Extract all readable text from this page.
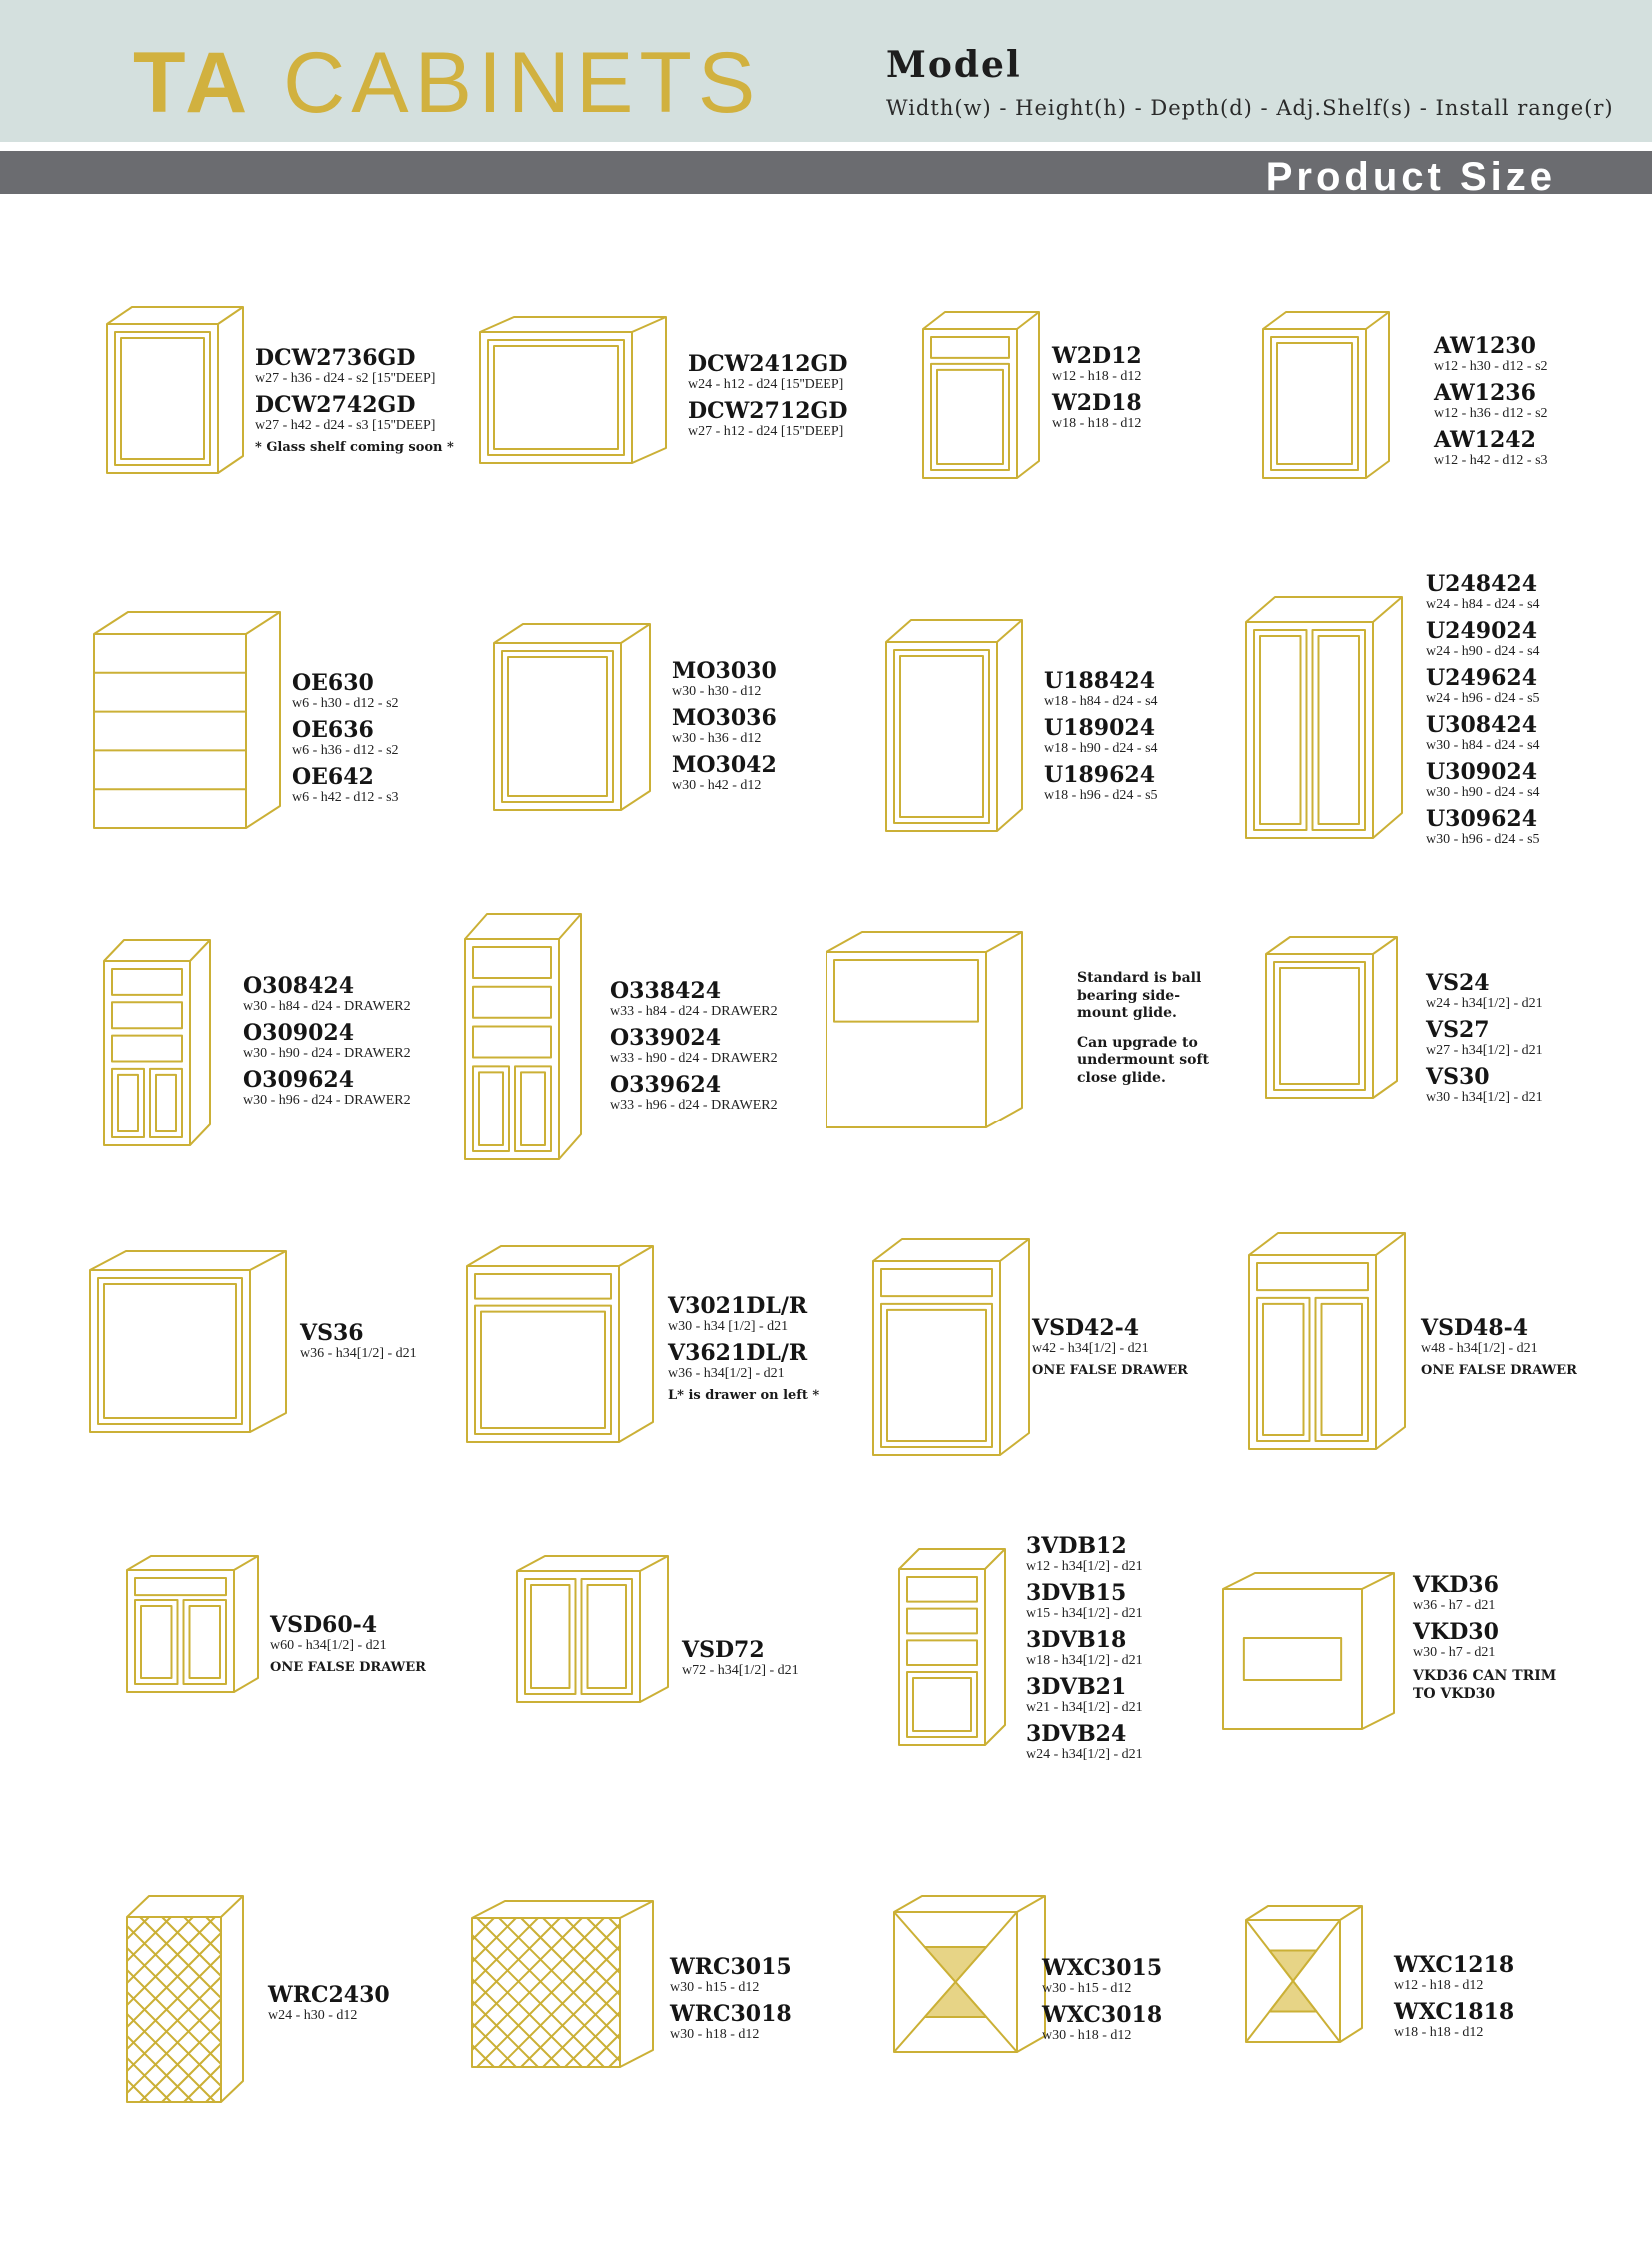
TA CABINETS	Model
Width(w) - Height(h) - Depth(d) - Adj.Shelf(s) - Install range(r)
Product Size
DCW2736GD
w27 - h36 - d24 - s2 [15''DEEP]
DCW2742GD
w27 - h42 - d24 - s3 [15''DEEP]
* Glass shelf coming soon *
DCW2412GD
w24 - h12 - d24 [15''DEEP]
DCW2712GD
w27 - h12 - d24 [15''DEEP]
W2D12
w12 - h18 - d12
W2D18
w18 - h18 - d12
AW1230
w12 - h30 - d12 - s2
AW1236
w12 - h36 - d12 - s2
AW1242
w12 - h42 - d12 - s3
OE630
w6 - h30 - d12 - s2
OE636
w6 - h36 - d12 - s2
OE642
w6 - h42 - d12 - s3
MO3030
w30 - h30 - d12
MO3036
w30 - h36 - d12
MO3042
w30 - h42 - d12
U188424
w18 - h84 - d24 - s4
U189024
w18 - h90 - d24 - s4
U189624
w18 - h96 - d24 - s5
U248424
w24 - h84 - d24 - s4
U249024
w24 - h90 - d24 - s4
U249624
w24 - h96 - d24 - s5
U308424
w30 - h84 - d24 - s4
U309024
w30 - h90 - d24 - s4
U309624
w30 - h96 - d24 - s5
O308424
w30 - h84 - d24 - DRAWER2
O309024
w30 - h90 - d24 - DRAWER2
O309624
w30 - h96 - d24 - DRAWER2
O338424
w33 - h84 - d24 - DRAWER2
O339024
w33 - h90 - d24 - DRAWER2
O339624
w33 - h96 - d24 - DRAWER2
Standard is ball bearing side-mount glide.
Can upgrade to undermount soft close glide.
VS24
w24 - h34[1/2] - d21
VS27
w27 - h34[1/2] - d21
VS30
w30 - h34[1/2] - d21
VS36
w36 - h34[1/2] - d21
V3021DL/R
w30 - h34 [1/2] - d21
V3621DL/R
w36 - h34[1/2] - d21
L* is drawer on left *
VSD42-4
w42 - h34[1/2] - d21
ONE FALSE DRAWER
VSD48-4
w48 - h34[1/2] - d21
ONE FALSE DRAWER
VSD60-4
w60 - h34[1/2] - d21
ONE FALSE DRAWER
VSD72
w72 - h34[1/2] - d21
3VDB12
w12 - h34[1/2] - d21
3DVB15
w15 - h34[1/2] - d21
3DVB18
w18 - h34[1/2] - d21
3DVB21
w21 - h34[1/2] - d21
3DVB24
w24 - h34[1/2] - d21
VKD36
w36 - h7 - d21
VKD30
w30 - h7 - d21
VKD36 CAN TRIM TO VKD30
WRC2430
w24 - h30 - d12
WRC3015
w30 - h15 - d12
WRC3018
w30 - h18 - d12
WXC3015
w30 - h15 - d12
WXC3018
w30 - h18 - d12
WXC1218
w12 - h18 - d12
WXC1818
w18 - h18 - d12
